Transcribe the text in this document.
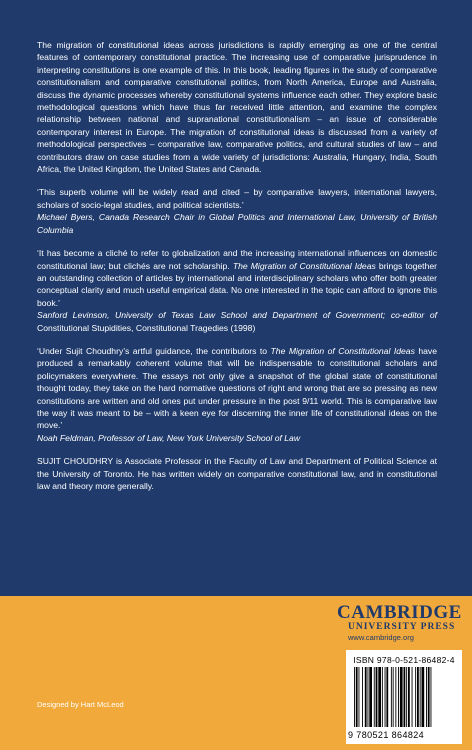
The migration of constitutional ideas across jurisdictions is rapidly emerging as one of the central features of contemporary constitutional practice. The increasing use of comparative jurisprudence in interpreting constitutions is one example of this. In this book, leading figures in the study of comparative constitutionalism and comparative constitutional politics, from North America, Europe and Australia, discuss the dynamic processes whereby constitutional systems influence each other. They explore basic methodological questions which have thus far received little attention, and examine the complex relationship between national and supranational constitutionalism – an issue of considerable contemporary interest in Europe. The migration of constitutional ideas is discussed from a variety of methodological perspectives – comparative law, comparative politics, and cultural studies of law – and contributors draw on case studies from a wide variety of jurisdictions: Australia, Hungary, India, South Africa, the United Kingdom, the United States and Canada.

‘This superb volume will be widely read and cited – by comparative lawyers, international lawyers, scholars of socio-legal studies, and political scientists.’

Michael Byers, Canada Research Chair in Global Politics and International Law, University of British Columbia

‘It has become a cliché to refer to globalization and the increasing international influences on domestic constitutional law; but clichés are not scholarship. The Migration of Constitutional Ideas brings together an outstanding collection of articles by international and interdisciplinary scholars who offer both greater conceptual clarity and much useful empirical data. No one interested in the topic can afford to ignore this book.’

Sanford Levinson, University of Texas Law School and Department of Government; co-editor of Constitutional Stupidities, Constitutional Tragedies (1998)

‘Under Sujit Choudhry’s artful guidance, the contributors to The Migration of Constitutional Ideas have produced a remarkably coherent volume that will be indispensable to constitutional scholars and policymakers everywhere. The essays not only give a snapshot of the global state of constitutional thought today, they take on the hard normative questions of right and wrong that are so pressing as new constitutions are written and old ones put under pressure in the post 9/11 world. This is comparative law the way it was meant to be – with a keen eye for discerning the inner life of constitutional ideas on the move.’

Noah Feldman, Professor of Law, New York University School of Law

SUJIT CHOUDHRY is Associate Professor in the Faculty of Law and Department of Political Science at the University of Toronto. He has written widely on comparative constitutional law, and in constitutional law and theory more generally.

CAMBRIDGE
UNIVERSITY PRESS
www.cambridge.org
ISBN 978-0-521-86482-4
9 780521 864824
Designed by Hart McLeod
